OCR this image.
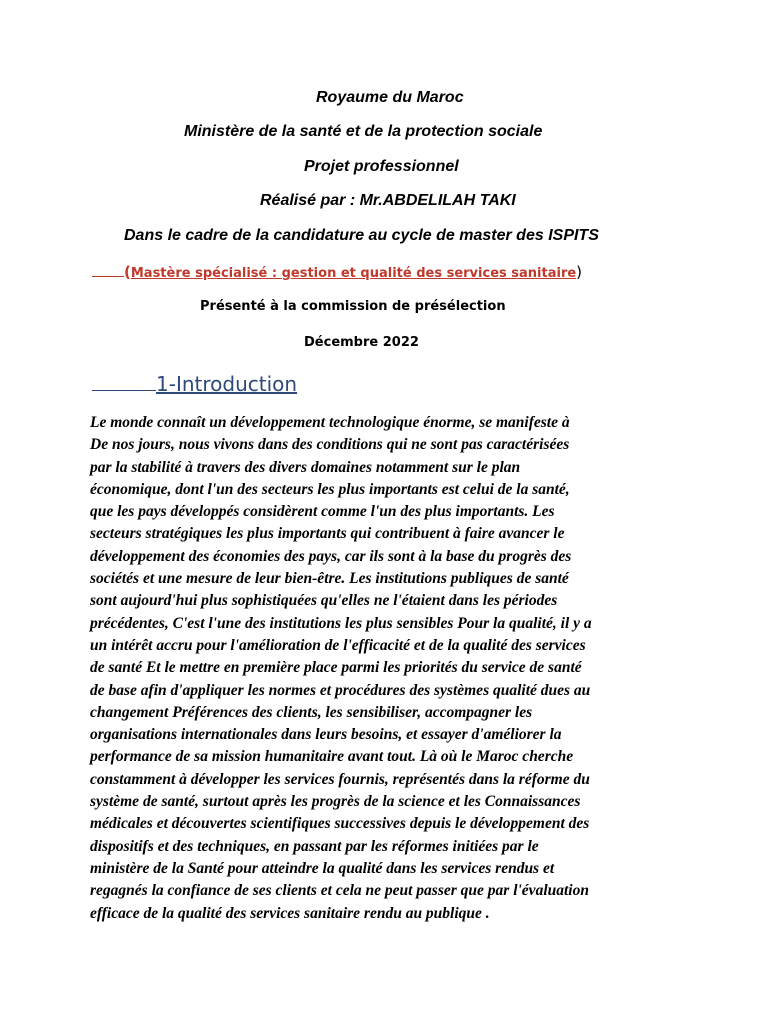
Royaume du Maroc
Ministère de la santé et de la protection sociale
Projet professionnel
Réalisé par : Mr.ABDELILAH TAKI
Dans le cadre de la candidature au cycle de master des ISPITS
(Mastère spécialisé : gestion et qualité des services sanitaire)
Présenté à la commission de présélection
Décembre 2022
1-Introduction
Le monde connaît un développement technologique énorme, se manifeste à
De nos jours, nous vivons dans des conditions qui ne sont pas caractérisées
par la stabilité à travers des divers domaines notamment sur le plan
économique, dont l'un des secteurs les plus importants est celui de la santé,
que les pays développés considèrent comme l'un des plus importants. Les
secteurs stratégiques les plus importants qui contribuent à faire avancer le
développement des économies des pays, car ils sont à la base du progrès des
sociétés et une mesure de leur bien-être. Les institutions publiques de santé
sont aujourd'hui plus sophistiquées qu'elles ne l'étaient dans les périodes
précédentes, C'est l'une des institutions les plus sensibles Pour la qualité, il y a
un intérêt accru pour l'amélioration de l'efficacité et de la qualité des services
de santé Et le mettre en première place parmi les priorités du service de santé
de base afin d'appliquer les normes et procédures des systèmes qualité dues au
changement Préférences des clients, les sensibiliser, accompagner les
organisations internationales dans leurs besoins, et essayer d'améliorer la
performance de sa mission humanitaire avant tout. Là où le Maroc cherche
constamment à développer les services fournis, représentés dans la réforme du
système de santé, surtout après les progrès de la science et les Connaissances
médicales et découvertes scientifiques successives depuis le développement des
dispositifs et des techniques, en passant par les réformes initiées par le
ministère de la Santé pour atteindre la qualité dans les services rendus et
regagnés la confiance de ses clients et cela ne peut passer que par l'évaluation
efficace de la qualité des services sanitaire rendu au publique .
